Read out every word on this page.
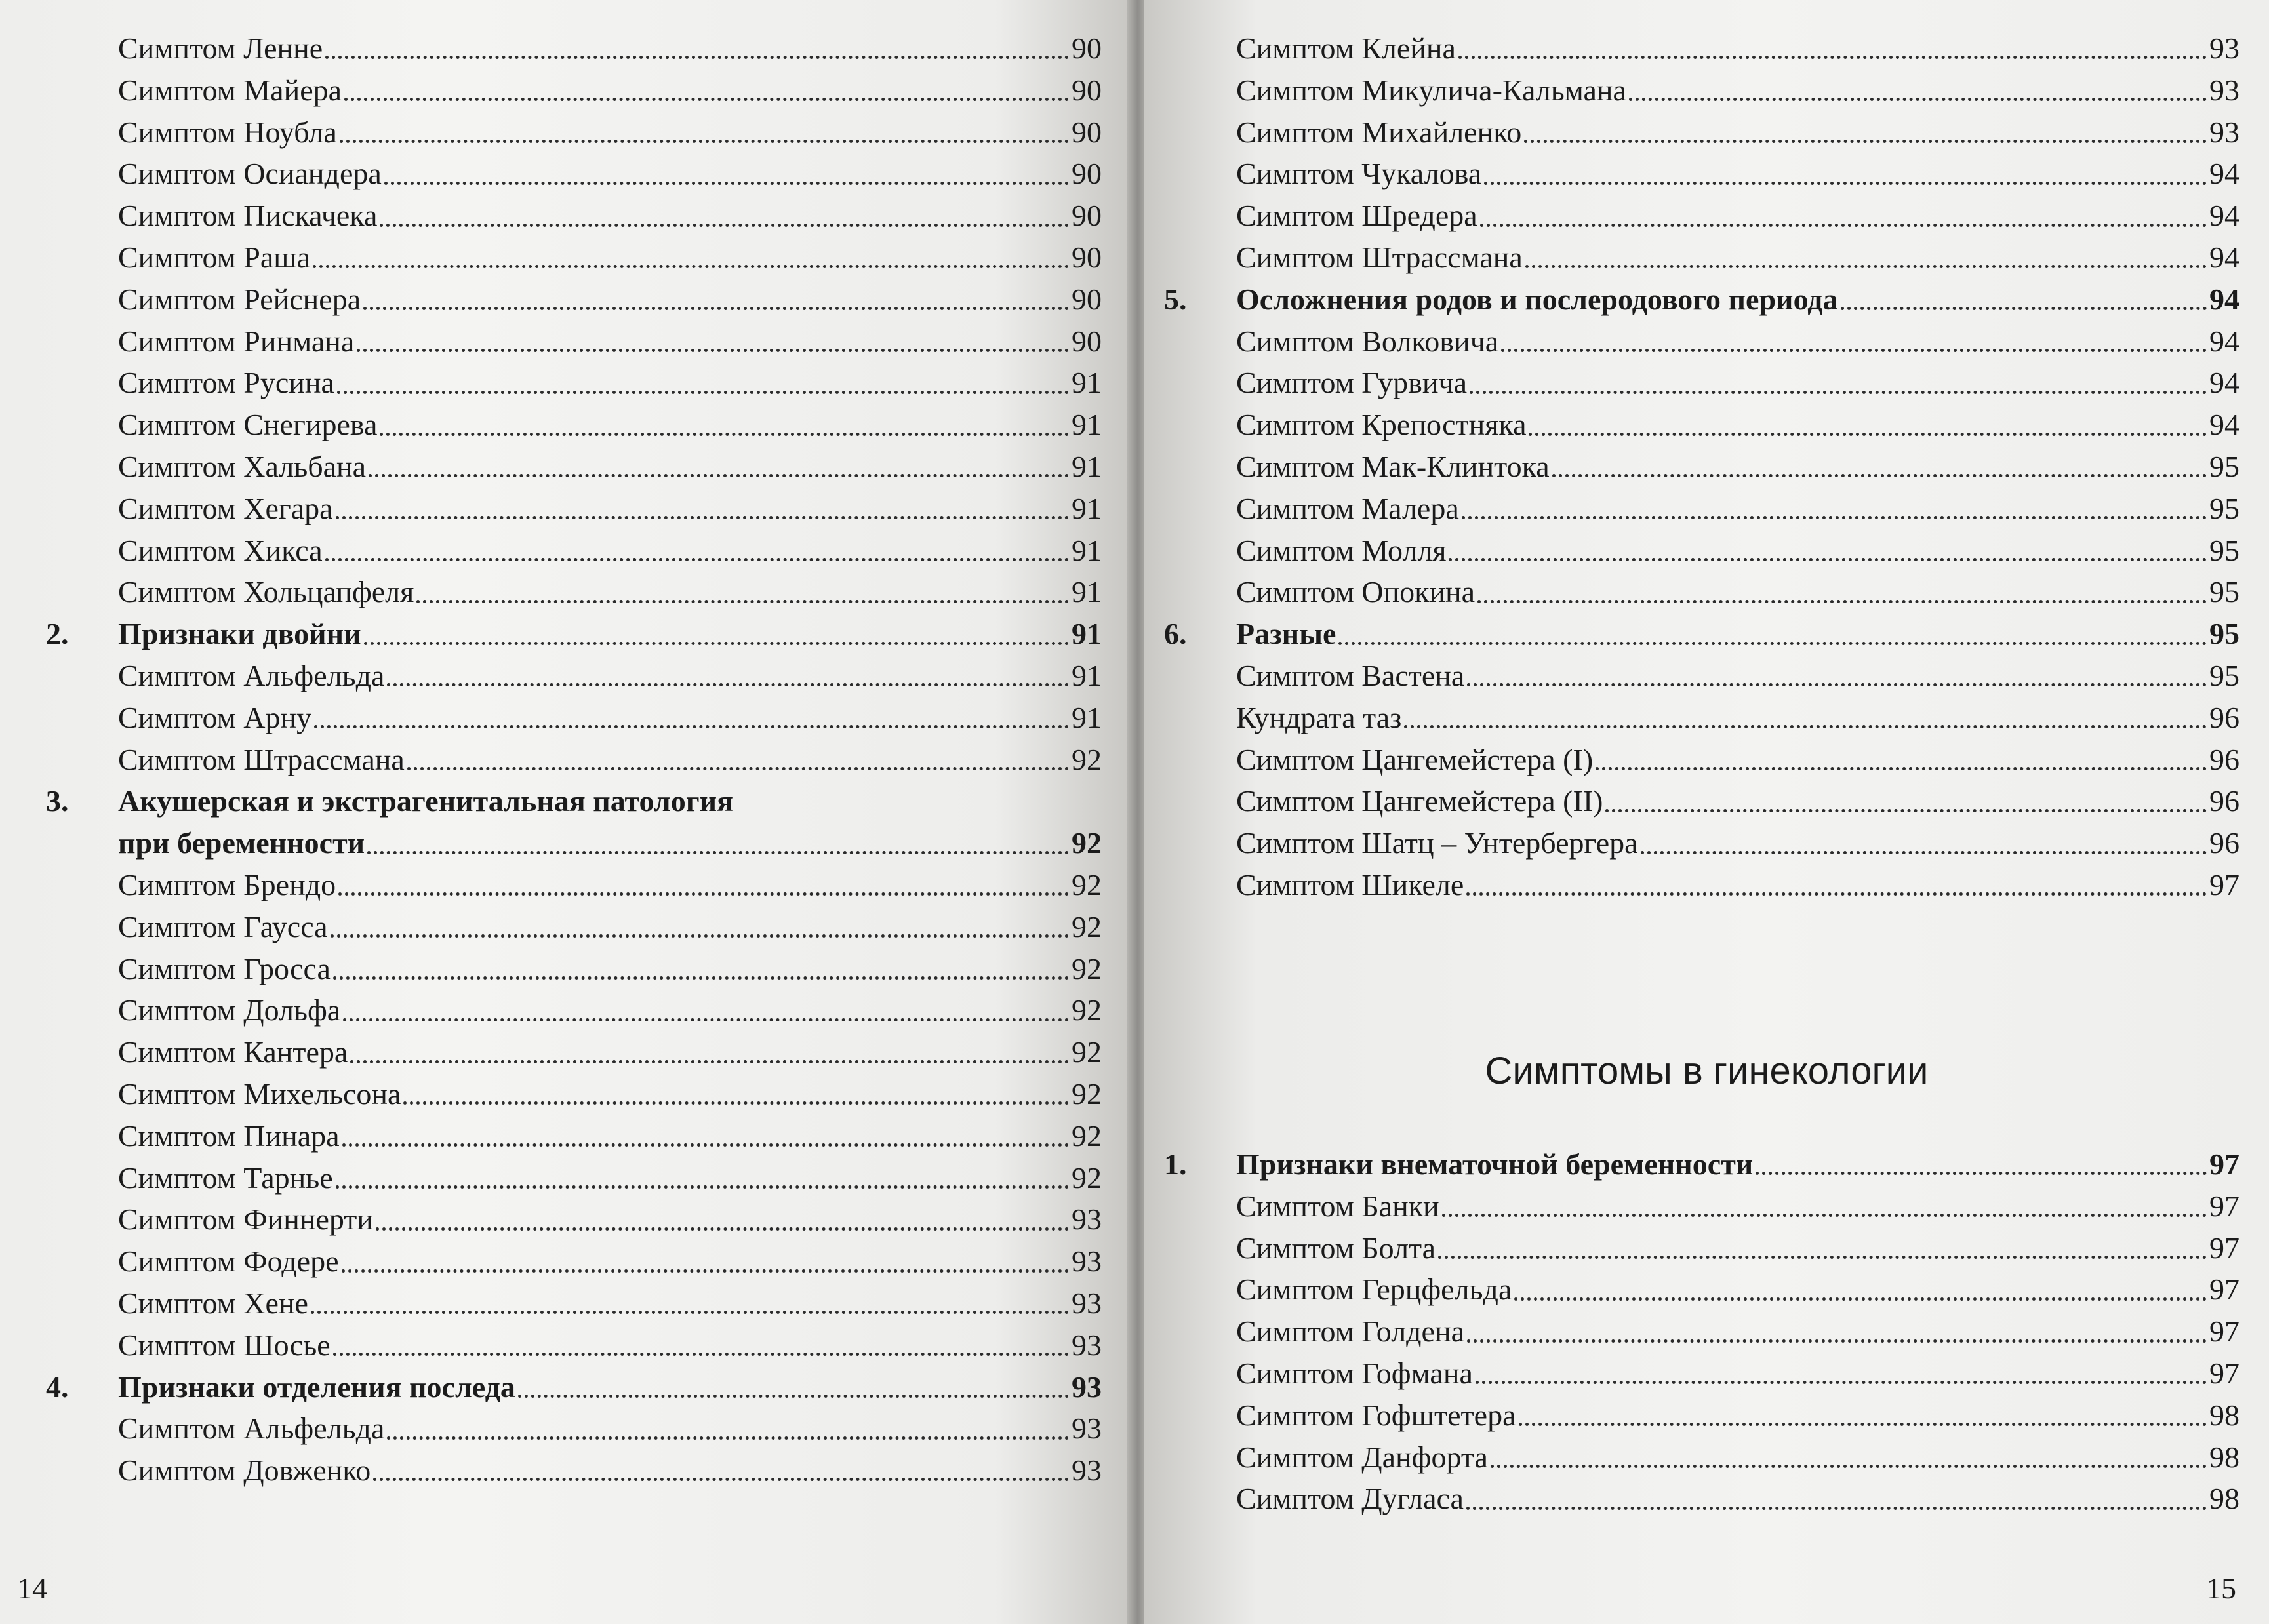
Симптом Ленне	90
Симптом Майера	90
Симптом Ноубла	90
Симптом Осиандера	90
Симптом Пискачека	90
Симптом Раша	90
Симптом Рейснера	90
Симптом Ринмана	90
Симптом Русина	91
Симптом Снегирева	91
Симптом Хальбана	91
Симптом Хегара	91
Симптом Хикса	91
Симптом Хольцапфеля	91
2.	Признаки двойни	91
Симптом Альфельда	91
Симптом Арну	91
Симптом Штрассмана	92
3.	Акушерская и экстрагенитальная патология
при беременности	92
Симптом Брендо	92
Симптом Гаусса	92
Симптом Гросса	92
Симптом Дольфа	92
Симптом Кантера	92
Симптом Михельсона	92
Симптом Пинара	92
Симптом Тарнье	92
Симптом Финнерти	93
Симптом Фодере	93
Симптом Хене	93
Симптом Шосье	93
4.	Признаки отделения последа	93
Симптом Альфельда	93
Симптом Довженко	93
14
Симптом Клейна	93
Симптом Микулича-Кальмана	93
Симптом Михайленко	93
Симптом Чукалова	94
Симптом Шредера	94
Симптом Штрассмана	94
5.	Осложнения родов и послеродового периода	94
Симптом Волковича	94
Симптом Гурвича	94
Симптом Крепостняка	94
Симптом Мак-Клинтока	95
Симптом Малера	95
Симптом Молля	95
Симптом Опокина	95
6.	Разные	95
Симптом Вастена	95
Кундрата таз	96
Симптом Цангемейстера (I)	96
Симптом Цангемейстера (II)	96
Симптом Шатц – Унтербергера	96
Симптом Шикеле	97
Симптомы в гинекологии
1.	Признаки внематочной беременности	97
Симптом Банки	97
Симптом Болта	97
Симптом Герцфельда	97
Симптом Голдена	97
Симптом Гофмана	97
Симптом Гофштетера	98
Симптом Данфорта	98
Симптом Дугласа	98
15
